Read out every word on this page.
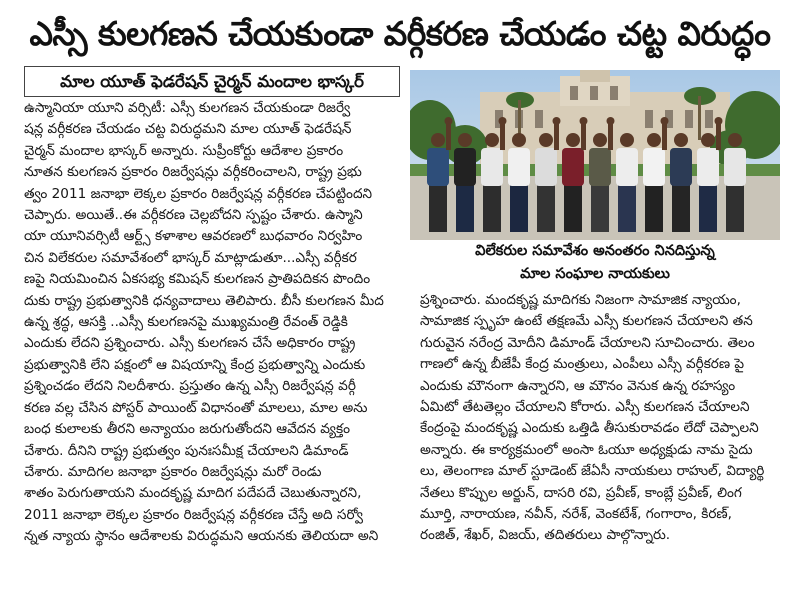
ఎస్సీ కులగణన చేయకుండా వర్గీకరణ చేయడం చట్ట విరుద్ధం
మాల యూత్ ఫెడరేషన్ చైర్మన్ మందాల భాస్కర్
ఉస్మానియా యూని వర్సిటీ: ఎస్సీ కులగణన చేయకుండా రిజర్వే
షన్ల వర్గీకరణ చేయడం చట్ట విరుద్ధమని మాల యూత్ ఫెడరేషన్
చైర్మన్ మందాల భాస్కర్ అన్నారు. సుప్రీంకోర్టు ఆదేశాల ప్రకారం
నూతన కులగణన ప్రకారం రిజర్వేషన్లు వర్గీకరించాలని, రాష్ట్ర ప్రభు
త్వం 2011 జనాభా లెక్కల ప్రకారం రిజర్వేషన్ల వర్గీకరణ చేపట్టిందని
చెప్పారు. అయితే..ఈ వర్గీకరణ చెల్లబోదని స్పష్టం చేశారు. ఉస్మాని
యా యూనివర్సిటీ ఆర్ట్స్ కళాశాల ఆవరణలో బుధవారం నిర్వహిం
చిన విలేకరుల సమావేశంలో భాస్కర్ మాట్లాడుతూ...ఎస్సీ వర్గీకర
ణపై నియమించిన ఏకసభ్య కమిషన్ కులగణన ప్రాతిపదికన పొందిం
దుకు రాష్ట్ర ప్రభుత్వానికి ధన్యవాదాలు తెలిపారు. బీసీ కులగణన మీద
ఉన్న శ్రద్ధ, ఆసక్తి ..ఎస్సీ కులగణనపై ముఖ్యమంత్రి రేవంత్ రెడ్డికి
ఎందుకు లేదని ప్రశ్నించారు. ఎస్సీ కులగణన చేసే అధికారం రాష్ట్ర
ప్రభుత్వానికి లేని పక్షంలో ఆ విషయాన్ని కేంద్ర ప్రభుత్వాన్ని ఎందుకు
ప్రశ్నించడం లేదని నిలదీశారు. ప్రస్తుతం ఉన్న ఎస్సీ రిజర్వేషన్ల వర్గీ
కరణ వల్ల చేసిన పోస్టర్ పాయింట్ విధానంతో మాలలు, మాల అను
బంధ కులాలకు తీరని అన్యాయం జరుగుతోందని ఆవేదన వ్యక్తం
చేశారు. దీనిని రాష్ట్ర ప్రభుత్వం పునఃసమీక్ష చేయాలని డిమాండ్
చేశారు. మాదిగల జనాభా ప్రకారం రిజర్వేషన్లు మరో రెండు
శాతం పెరుగుతాయని మందకృష్ణ మాదిగ పదేపదే చెబుతున్నారని,
2011 జనాభా లెక్కల ప్రకారం రిజర్వేషన్ల వర్గీకరణ చేస్తే అది సర్వో
న్నత న్యాయ స్థానం ఆదేశాలకు విరుద్ధమని ఆయనకు తెలియదా అని
విలేకరుల సమావేశం అనంతరం నినదిస్తున్న
మాల సంఘాల నాయకులు
ప్రశ్నించారు. మందకృష్ణ మాదిగకు నిజంగా సామాజిక న్యాయం,
సామాజిక స్పృహ ఉంటే తక్షణమే ఎస్సీ కులగణన చేయాలని తన
గురువైన నరేంద్ర మోదీని డిమాండ్ చేయాలని సూచించారు. తెలం
గాణలో ఉన్న బీజేపీ కేంద్ర మంత్రులు, ఎంపీలు ఎస్సీ వర్గీకరణ పై
ఎందుకు మౌనంగా ఉన్నారని, ఆ మౌనం వెనుక ఉన్న రహస్యం
ఏమిటో తేటతెల్లం చేయాలని కోరారు. ఎస్సీ కులగణన చేయాలని
కేంద్రంపై మందకృష్ణ ఎందుకు ఒత్తిడి తీసుకురావడం లేదో చెప్పాలని
అన్నారు. ఈ కార్యక్రమంలో అంసా ఓయూ అధ్యక్షుడు నామ సైదు
లు, తెలంగాణ మాల్ స్టూడెంట్ జేఏసీ నాయకులు రాహుల్, విద్యార్థి
నేతలు కొప్పుల అర్జున్, దాసరి రవి, ప్రవీణ్, కాంబ్లే ప్రవీణ్, లింగ
మూర్తి, నారాయణ, నవీన్, నరేశ్, వెంకటేశ్, గంగారాం, కిరణ్,
రంజిత్, శేఖర్, విజయ్, తదితరులు పాల్గొన్నారు.
